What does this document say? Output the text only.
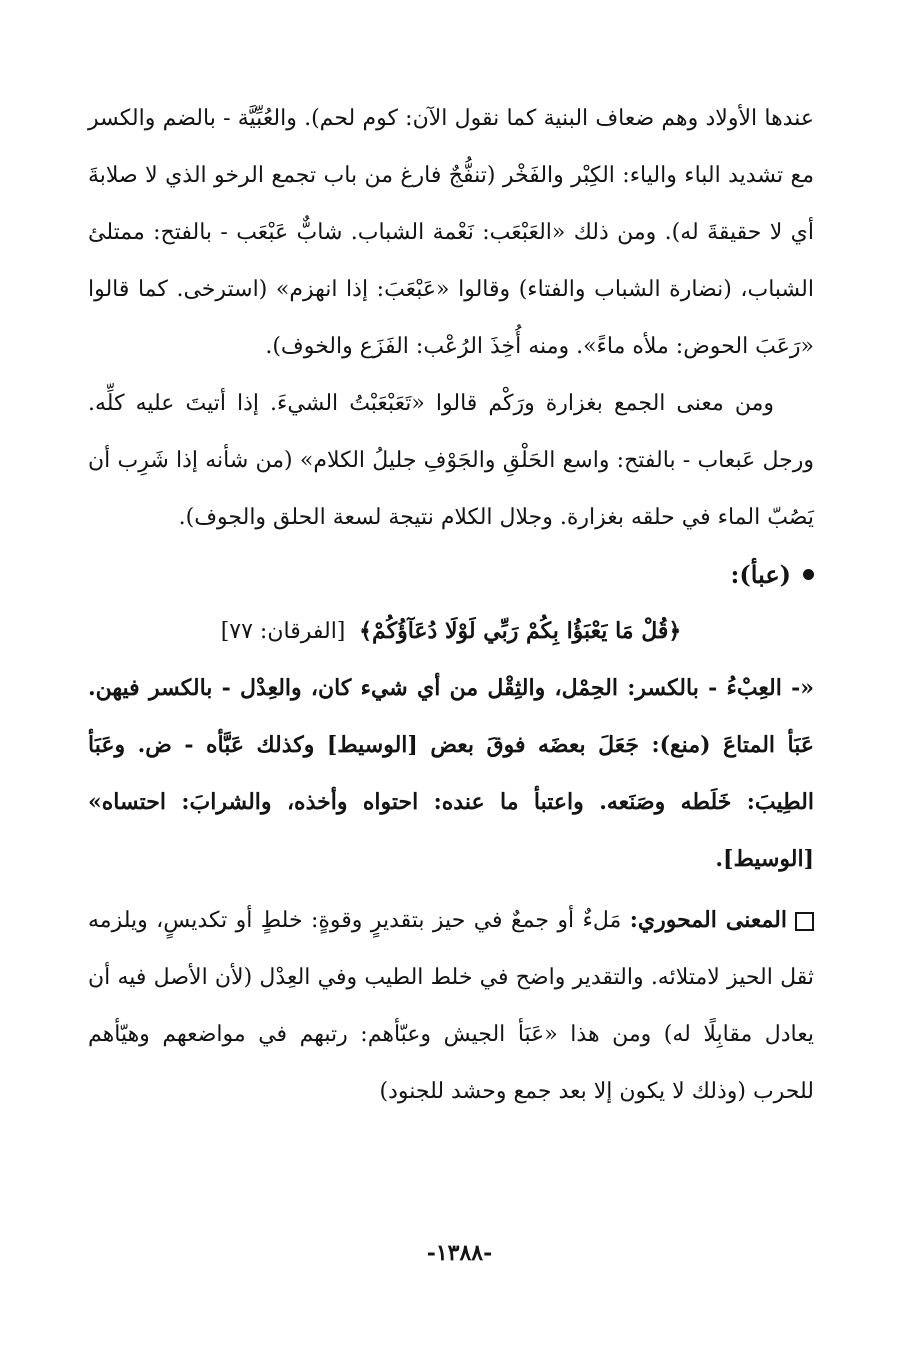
عندها الأولاد وهم ضعاف البنية كما نقول الآن: كوم لحم). والعُبِّيَّة - بالضم والكسر مع تشديد الباء والياء: الكِبْر والفَخْر (تنفُّجٌ فارغ من باب تجمع الرخو الذي لا صلابةَ أي لا حقيقةَ له). ومن ذلك «العَبْعَب: نَعْمة الشباب. شابٌّ عَبْعَب - بالفتح: ممتلئ الشباب، (نضارة الشباب والفتاء) وقالوا «عَبْعَبَ: إذا انهزم» (استرخى. كما قالوا «رَعَبَ الحوض: ملأه ماءً». ومنه أُخِذَ الرُعْب: الفَزَع والخوف).

ومن معنى الجمع بغزارة ورَكْم قالوا «تَعَبْعَبْتُ الشيءَ. إذا أتيتَ عليه كلِّه. ورجل عَبعاب - بالفتح: واسع الحَلْقِ والجَوْفِ جليلُ الكلام» (من شأنه إذا شَرِب أن يَصُبّ الماء في حلقه بغزارة. وجلال الكلام نتيجة لسعة الحلق والجوف).

(عبأ):
﴿قُلْ مَا يَعْبَؤُا بِكُمْ رَبِّي لَوْلَا دُعَآؤُكُمْ﴾ [الفرقان: ٧٧]

«- العِبْءُ - بالكسر: الحِمْل، والثِقْل من أي شيء كان، والعِدْل - بالكسر فيهن. عَبَأ المتاعَ (منع): جَعَلَ بعضَه فوقَ بعض [الوسيط] وكذلك عَبَّأه - ض. وعَبَأ الطِيبَ: خَلَطه وصَنَعه. واعتبأ ما عنده: احتواه وأخذه، والشرابَ: احتساه» [الوسيط].

المعنى المحوري: مَلءٌ أو جمعٌ في حيز بتقديرٍ وقوةٍ: خلطٍ أو تكديسٍ، ويلزمه ثقل الحيز لامتلائه. والتقدير واضح في خلط الطيب وفي العِدْل (لأن الأصل فيه أن يعادل مقابِلًا له) ومن هذا «عَبَأ الجيش وعبّأهم: رتبهم في مواضعهم وهيّأهم للحرب (وذلك لا يكون إلا بعد جمع وحشد للجنود)

-١٣٨٨-
